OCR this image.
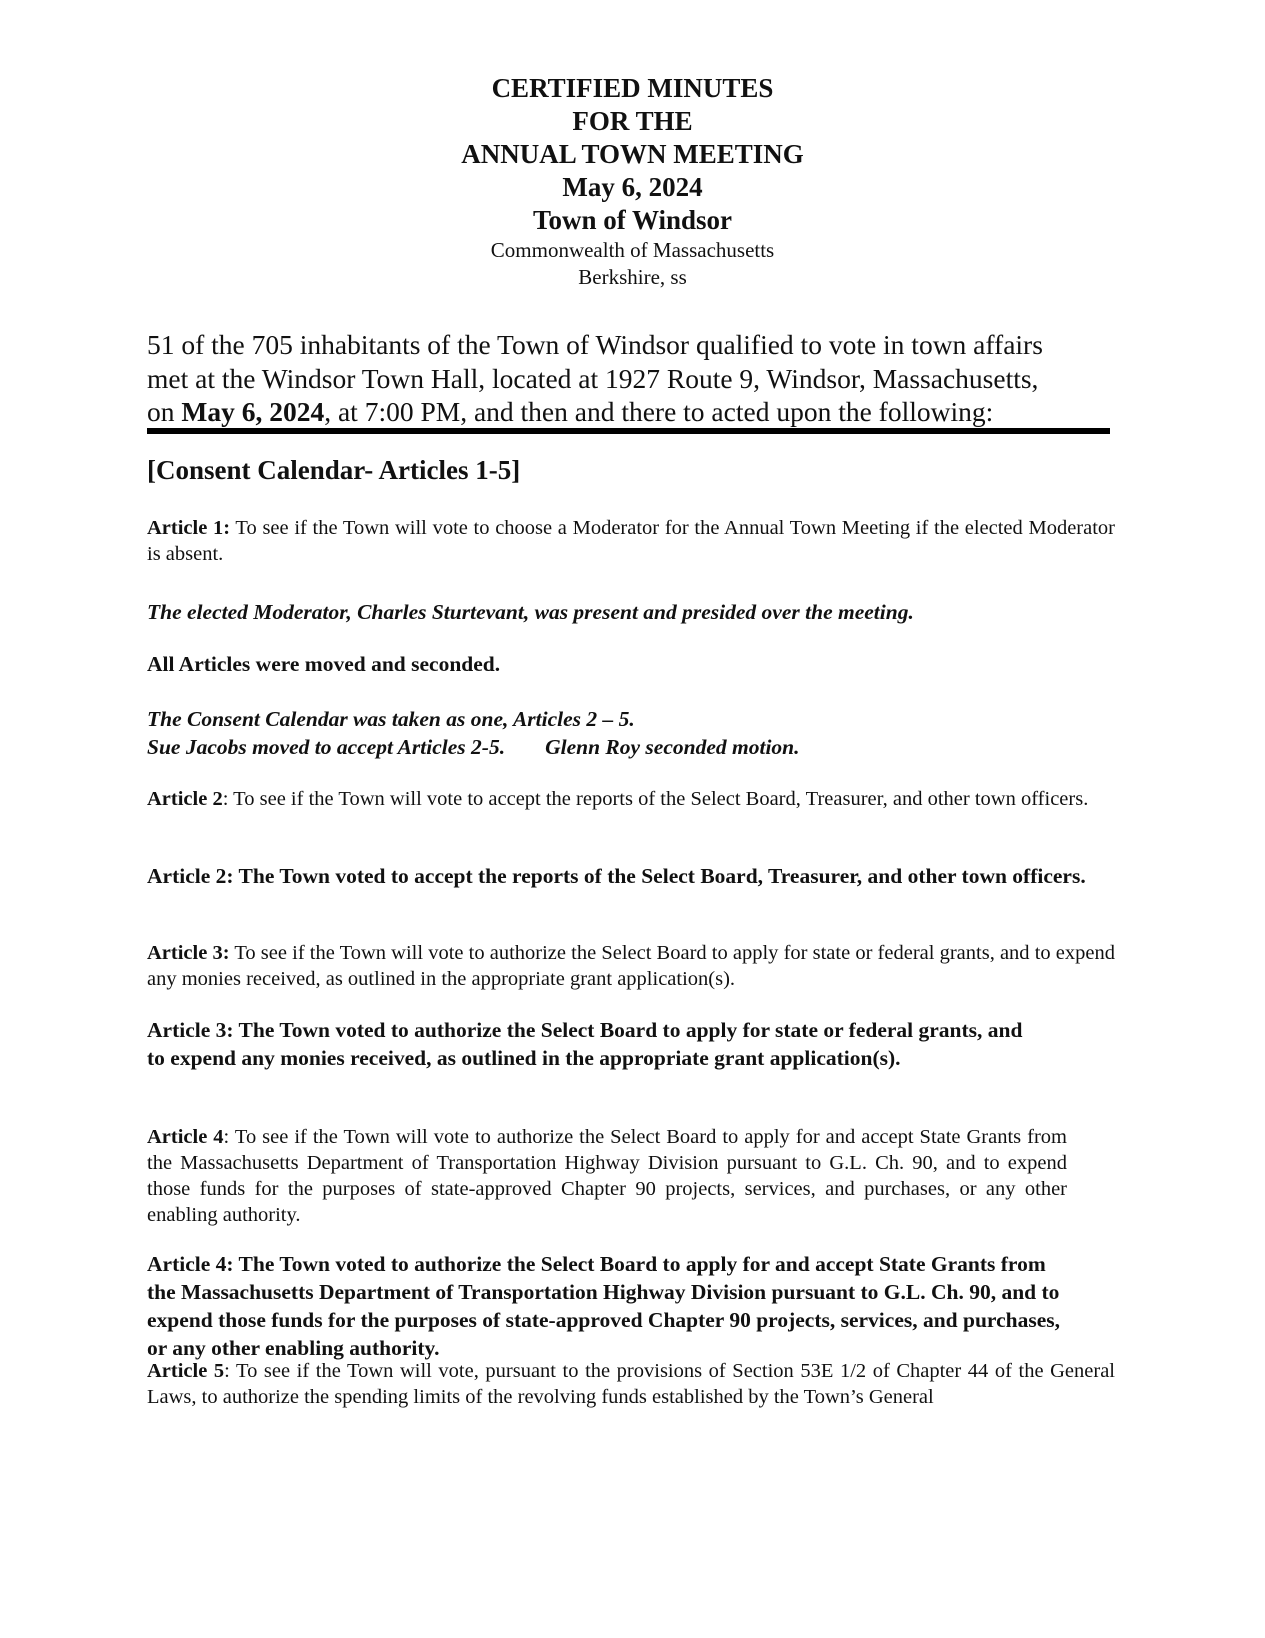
CERTIFIED MINUTES
FOR THE
ANNUAL TOWN MEETING
May 6, 2024
Town of Windsor
Commonwealth of Massachusetts
Berkshire, ss
51 of the 705 inhabitants of the Town of Windsor qualified to vote in town affairs
met at the Windsor Town Hall, located at 1927 Route 9, Windsor, Massachusetts,
on May 6, 2024, at 7:00 PM, and then and there to acted upon the following:
[Consent Calendar- Articles 1-5]
Article 1: To see if the Town will vote to choose a Moderator for the Annual Town Meeting if the elected Moderator is absent.
The elected Moderator, Charles Sturtevant, was present and presided over the meeting.
All Articles were moved and seconded.
The Consent Calendar was taken as one, Articles 2 – 5.
Sue Jacobs moved to accept Articles 2-5. Glenn Roy seconded motion.
Article 2: To see if the Town will vote to accept the reports of the Select Board, Treasurer, and other town officers.
Article 2: The Town voted to accept the reports of the Select Board, Treasurer, and other town officers.
Article 3: To see if the Town will vote to authorize the Select Board to apply for state or federal grants, and to expend any monies received, as outlined in the appropriate grant application(s).
Article 3: The Town voted to authorize the Select Board to apply for state or federal grants, and to expend any monies received, as outlined in the appropriate grant application(s).
Article 4: To see if the Town will vote to authorize the Select Board to apply for and accept State Grants from the Massachusetts Department of Transportation Highway Division pursuant to G.L. Ch. 90, and to expend those funds for the purposes of state-approved Chapter 90 projects, services, and purchases, or any other enabling authority.
Article 4: The Town voted to authorize the Select Board to apply for and accept State Grants from the Massachusetts Department of Transportation Highway Division pursuant to G.L. Ch. 90, and to expend those funds for the purposes of state-approved Chapter 90 projects, services, and purchases, or any other enabling authority.
Article 5: To see if the Town will vote, pursuant to the provisions of Section 53E 1/2 of Chapter 44 of the General Laws, to authorize the spending limits of the revolving funds established by the Town’s General
